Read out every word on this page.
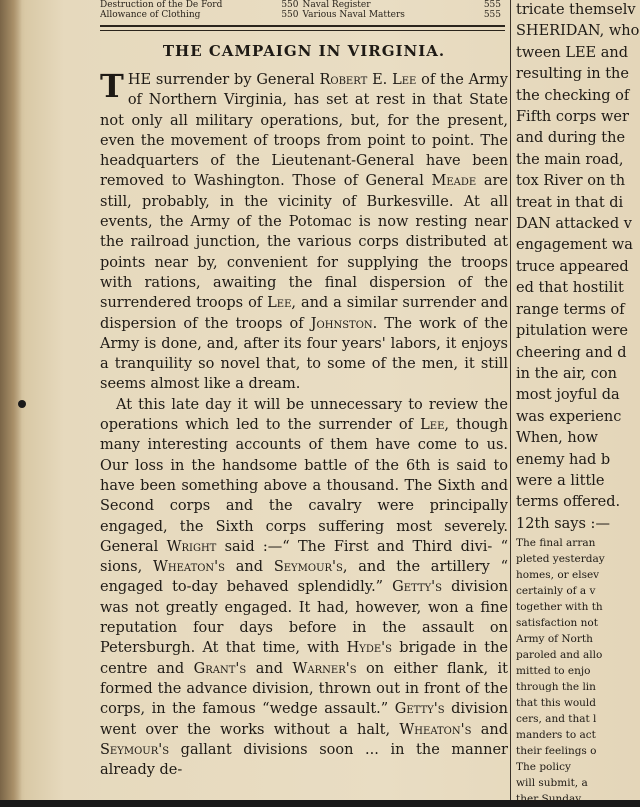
Destruction of the De Ford	550 Naval Register	555
Allowance of Clothing	550 Various Naval Matters	555
THE CAMPAIGN IN VIRGINIA.

THE surrender by General Robert E. Lee of the Army of Northern Virginia, has set at rest in that State not only all military operations, but, for the present, even the movement of troops from point to point. The headquarters of the Lieutenant-General have been removed to Washington. Those of General Meade are still, probably, in the vicinity of Burkesville. At all events, the Army of the Potomac is now resting near the railroad junction, the various corps distributed at points near by, convenient for supplying the troops with rations, awaiting the final dispersion of the surrendered troops of Lee, and a similar surrender and dispersion of the troops of Johnston. The work of the Army is done, and, after its four years' labors, it enjoys a tranquility so novel that, to some of the men, it still seems almost like a dream.

At this late day it will be unnecessary to review the operations which led to the surrender of Lee, though many interesting accounts of them have come to us. Our loss in the handsome battle of the 6th is said to have been something above a thousand. The Sixth and Second corps and the cavalry were principally engaged, the Sixth corps suffering most severely. General Wright said :—“ The First and Third divi- “ sions, Wheaton's and Seymour's, and the artillery “ engaged to-day behaved splendidly.” Getty's division was not greatly engaged. It had, however, won a fine reputation four days before in the assault on Petersburgh. At that time, with Hyde's brigade in the centre and Grant's and Warner's on either flank, it formed the advance division, thrown out in front of the corps, in the famous “wedge assault.” Getty's division went over the works without a halt, Wheaton's and Seymour's gallant divisions soon ... in the manner already de-

tricate themselv
SHERIDAN, who
tween LEE and
resulting in the
the checking of
Fifth corps wer
and during the
the main road,
tox River on th
treat in that di
DAN attacked v
engagement wa
truce appeared
ed that hostilit
range terms of
pitulation were
cheering and d
in the air, con
most joyful da
was experienc
When, how
enemy had b
were a little
terms offered.
12th says :—
The final arran
pleted yesterday
homes, or elsev
certainly of a v
together with th
satisfaction not
Army of North
paroled and allo
mitted to enjo
through the lin
that this would
cers, and that l
manders to act
their feelings o
The policy
will submit, a
ther Sunday
